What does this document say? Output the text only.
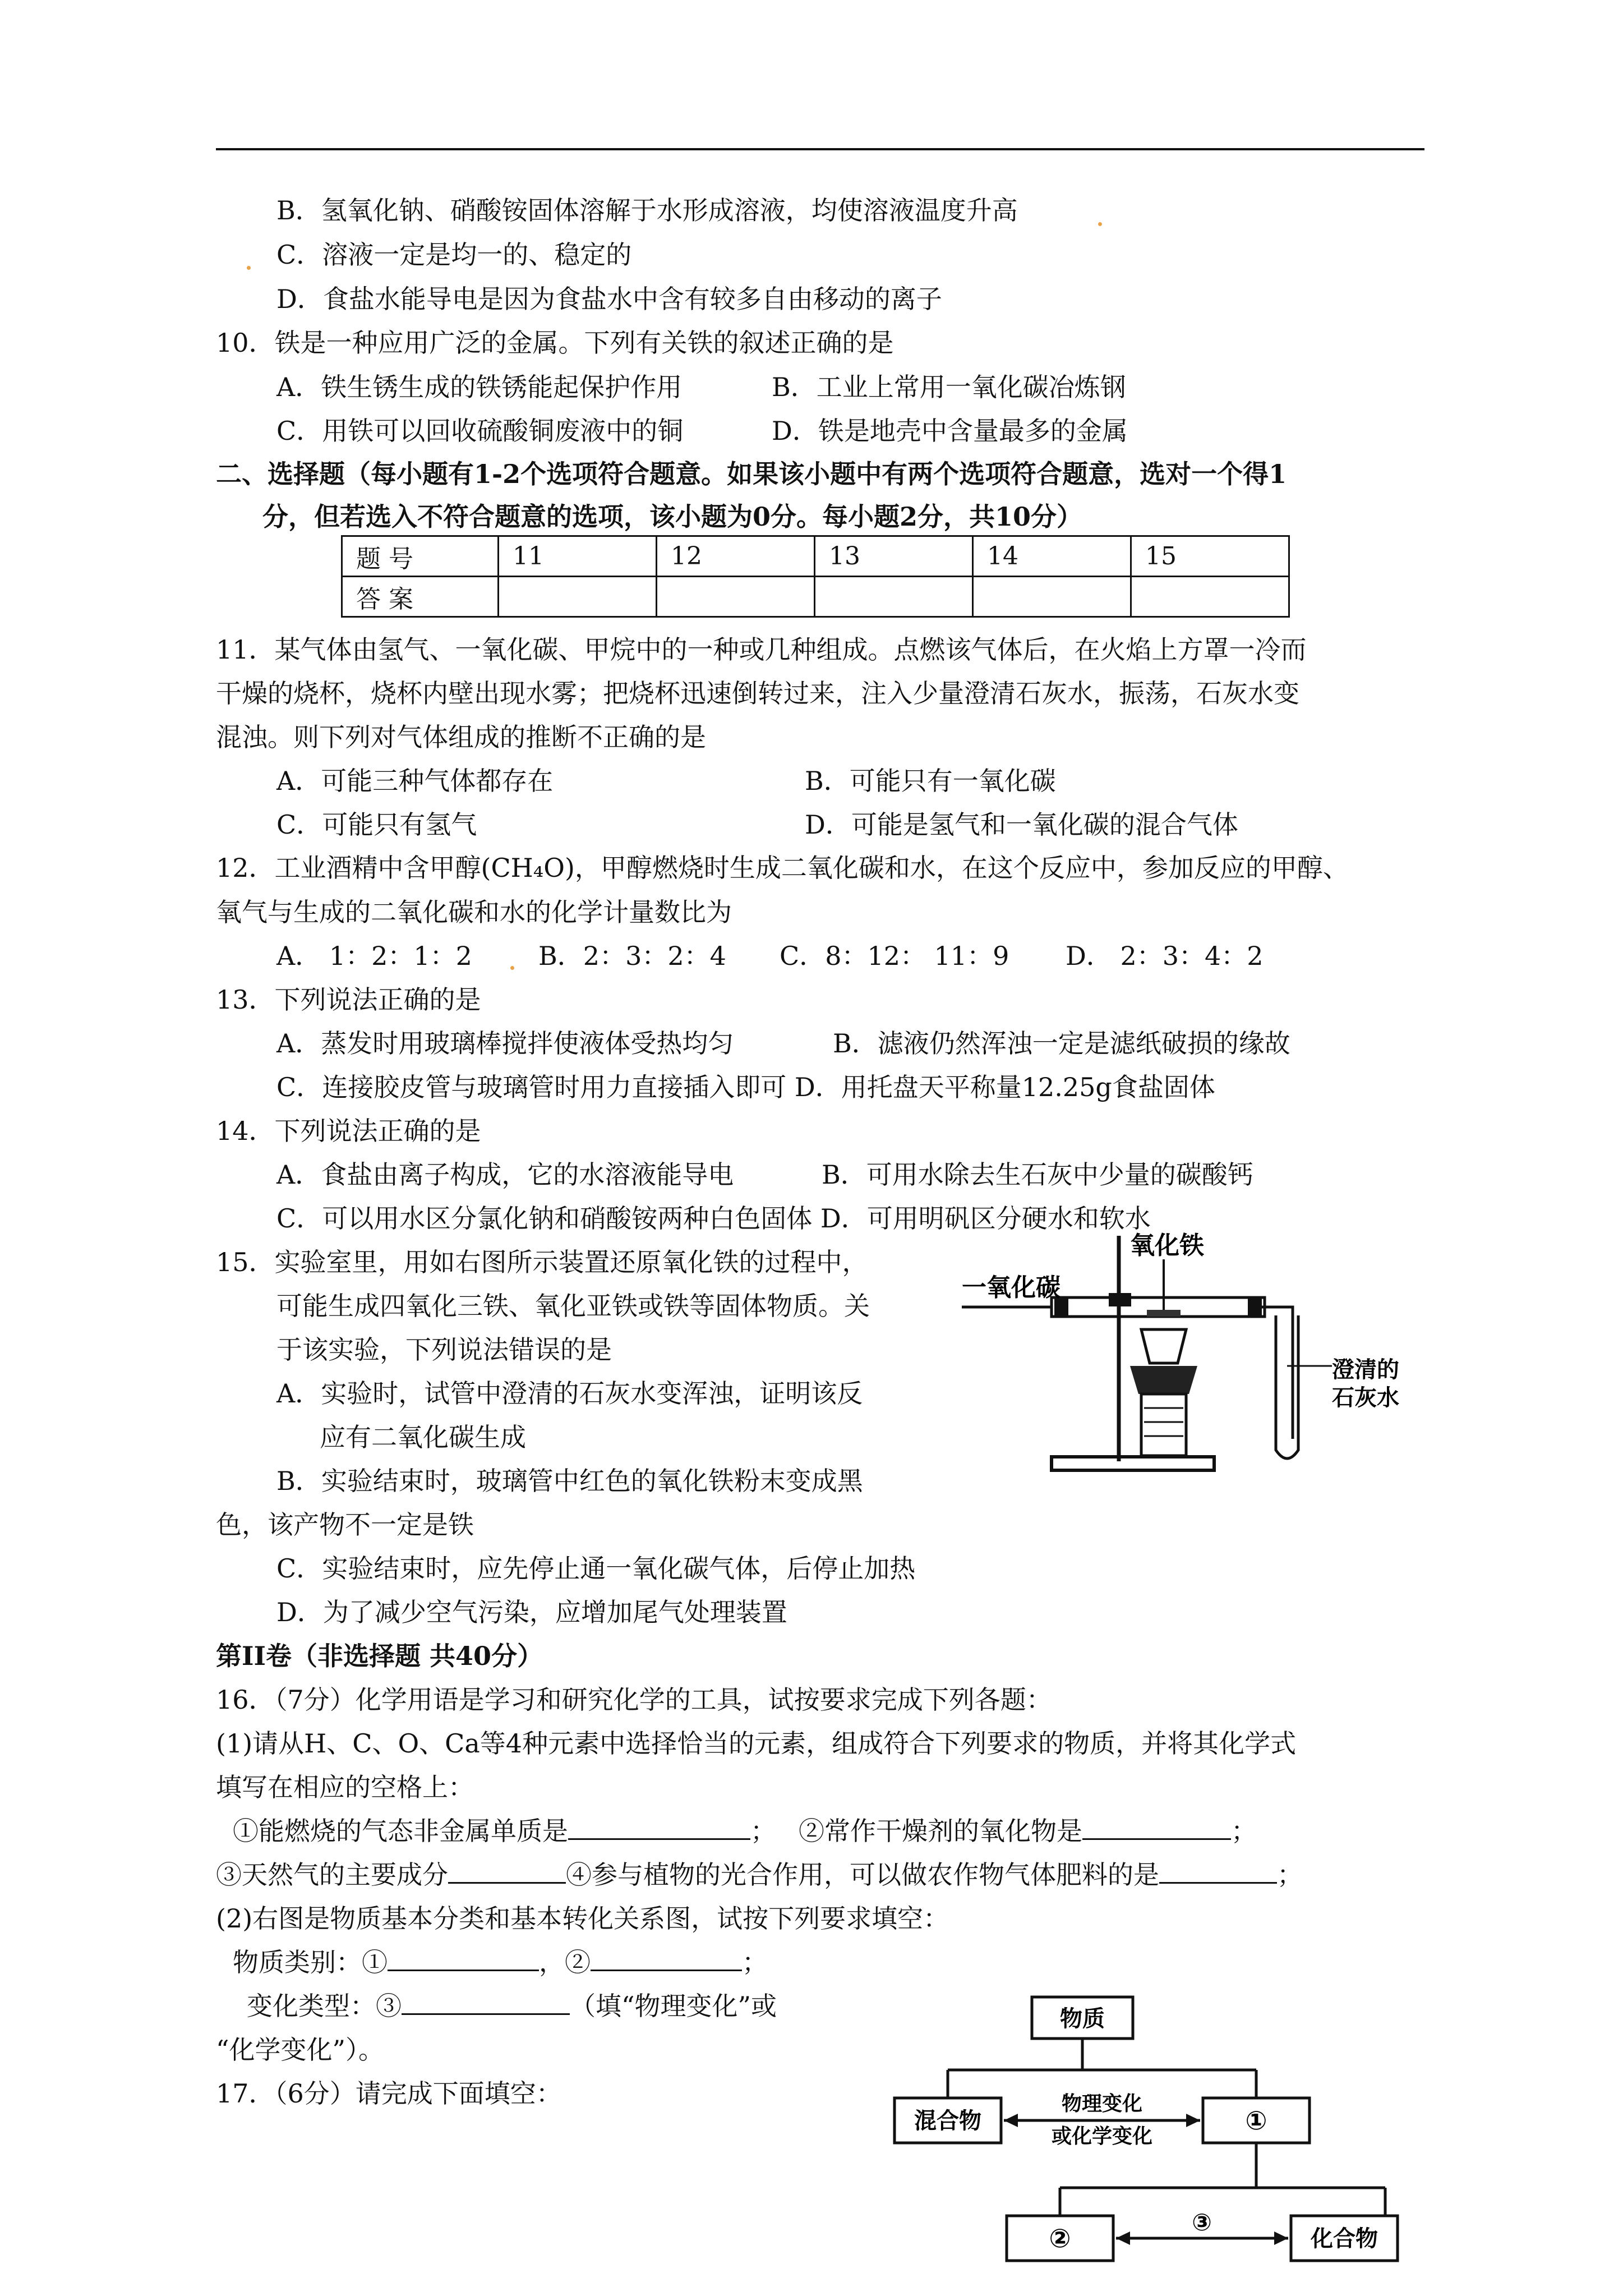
B．氢氧化钠、硝酸铵固体溶解于水形成溶液，均使溶液温度升高
C．溶液一定是均一的、稳定的
D．食盐水能导电是因为食盐水中含有较多自由移动的离子
10．铁是一种应用广泛的金属。下列有关铁的叙述正确的是
A．铁生锈生成的铁锈能起保护作用	B．工业上常用一氧化碳冶炼钢
C．用铁可以回收硫酸铜废液中的铜	D．铁是地壳中含量最多的金属
二、选择题（每小题有1-2个选项符合题意。如果该小题中有两个选项符合题意，选对一个得1
分，但若选入不符合题意的选项，该小题为0分。每小题2分，共10分）
题 号	11	12	13	14	15
答 案					
11．某气体由氢气、一氧化碳、甲烷中的一种或几种组成。点燃该气体后，在火焰上方罩一冷而
干燥的烧杯，烧杯内壁出现水雾；把烧杯迅速倒转过来，注入少量澄清石灰水，振荡，石灰水变
混浊。则下列对气体组成的推断不正确的是
A．可能三种气体都存在	B．可能只有一氧化碳
C．可能只有氢气	D．可能是氢气和一氧化碳的混合气体
12．工业酒精中含甲醇(CH₄O)，甲醇燃烧时生成二氧化碳和水，在这个反应中，参加反应的甲醇、
氧气与生成的二氧化碳和水的化学计量数比为
A． 1：2：1：2	B．2：3：2：4 C．8：12： 11：9 D． 2：3：4：2
13．下列说法正确的是
A．蒸发时用玻璃棒搅拌使液体受热均匀	B．滤液仍然浑浊一定是滤纸破损的缘故
C．连接胶皮管与玻璃管时用力直接插入即可 D．用托盘天平称量12.25g食盐固体
14．下列说法正确的是
A．食盐由离子构成，它的水溶液能导电	B．可用水除去生石灰中少量的碳酸钙
C．可以用水区分氯化钠和硝酸铵两种白色固体 D．可用明矾区分硬水和软水
15．实验室里，用如右图所示装置还原氧化铁的过程中，
可能生成四氧化三铁、氧化亚铁或铁等固体物质。关
于该实验，下列说法错误的是
A．实验时，试管中澄清的石灰水变浑浊，证明该反
应有二氧化碳生成
B．实验结束时，玻璃管中红色的氧化铁粉末变成黑
色，该产物不一定是铁
C．实验结束时，应先停止通一氧化碳气体，后停止加热
D．为了减少空气污染，应增加尾气处理装置
氧化铁
一氧化碳
澄清的
石灰水
第II卷（非选择题 共40分）
16．（7分）化学用语是学习和研究化学的工具，试按要求完成下列各题：
(1)请从H、C、O、Ca等4种元素中选择恰当的元素，组成符合下列要求的物质，并将其化学式
填写在相应的空格上：
①能燃烧的气态非金属单质是	； ②常作干燥剂的氧化物是	；
③天然气的主要成分	④参与植物的光合作用，可以做农作物气体肥料的是	；
(2)右图是物质基本分类和基本转化关系图，试按下列要求填空：
物质类别：①	，②	；
变化类型：③	（填“物理变化”或
“化学变化”）。
17．（6分）请完成下面填空：
物质
混合物	①
物理变化
或化学变化
②	化合物
③
